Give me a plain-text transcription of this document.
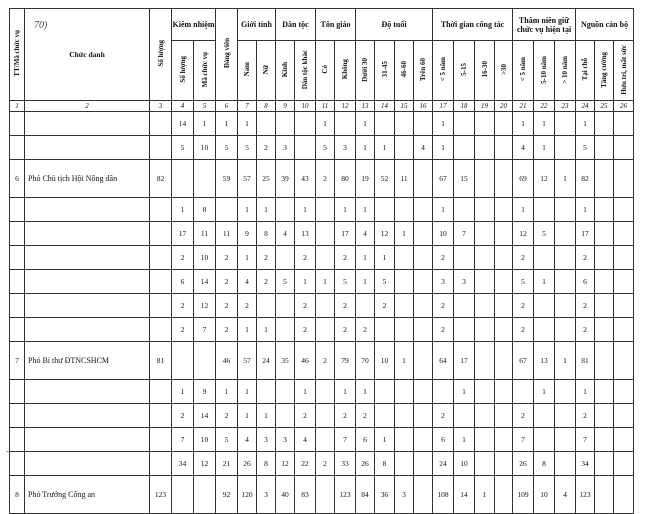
TT/Mã chức vụ	Chức danh	Số lượng	Kiêm nhiệm		Đảng viên	Giới tính		Dân tộc		Tôn giáo		Độ tuổi				Thời gian công tác				Thâm niên giữ chức vụ hiện tại			Nguồn cán bộ		
			Số lượng	Mã chức vụ		Nam	Nữ	Kinh	Dân tộc khác	Có	Không	Dưới 30	31-45	46-60	Trên 60	< 5 năm	5-15	16-30	>30	< 5 năm	5-10 năm	> 10 năm	Tại chỗ	Tăng cường	Hưu trí, mất sức
1	2	3	4	5	6	7	8	9	10	11	12	13	14	15	16	17	18	19	20	21	22	23	24	25	26
			14	1	1	1				1		1				1				1	1		1		
			5	10	5	5	2	3		5	3	1	1		4	1				4	1		5		
6	Phó Chủ tịch Hội Nông dân	82			59	57	25	39	43	2	80	19	52	11		67	15			69	12	1	82		
			1	8		1	1		1		1	1				1				1			1		
			17	11	11	9	8	4	13		17	4	12	1		10	7			12	5		17		
			2	10	2	1	2		2		2	1	1			2				2			2		
			6	14	2	4	2	5	1	1	5	1	5			3	3			5	1		6		
			2	12	2	2			2		2		2			2				2			2		
			2	7	2	1	1		2		2	2				2				2			2		
7	Phó Bí thư ĐTNCSHCM	81			46	57	24	35	46	2	79	70	10	1		64	17			67	13	1	81		
			1	9	1	1			1		1	1					1				1		1		
			2	14	2	1	1		2		2	2				2				2			2		
			7	10	5	4	3	3	4		7	6	1			6	1			7			7		
			34	12	21	26	8	12	22	2	33	26	8			24	10			26	8		34		
8	Phó Trưởng Công an	123			92	120	3	40	83		123	84	36	3		108	14	1		109	10	4	123		
70)
-
